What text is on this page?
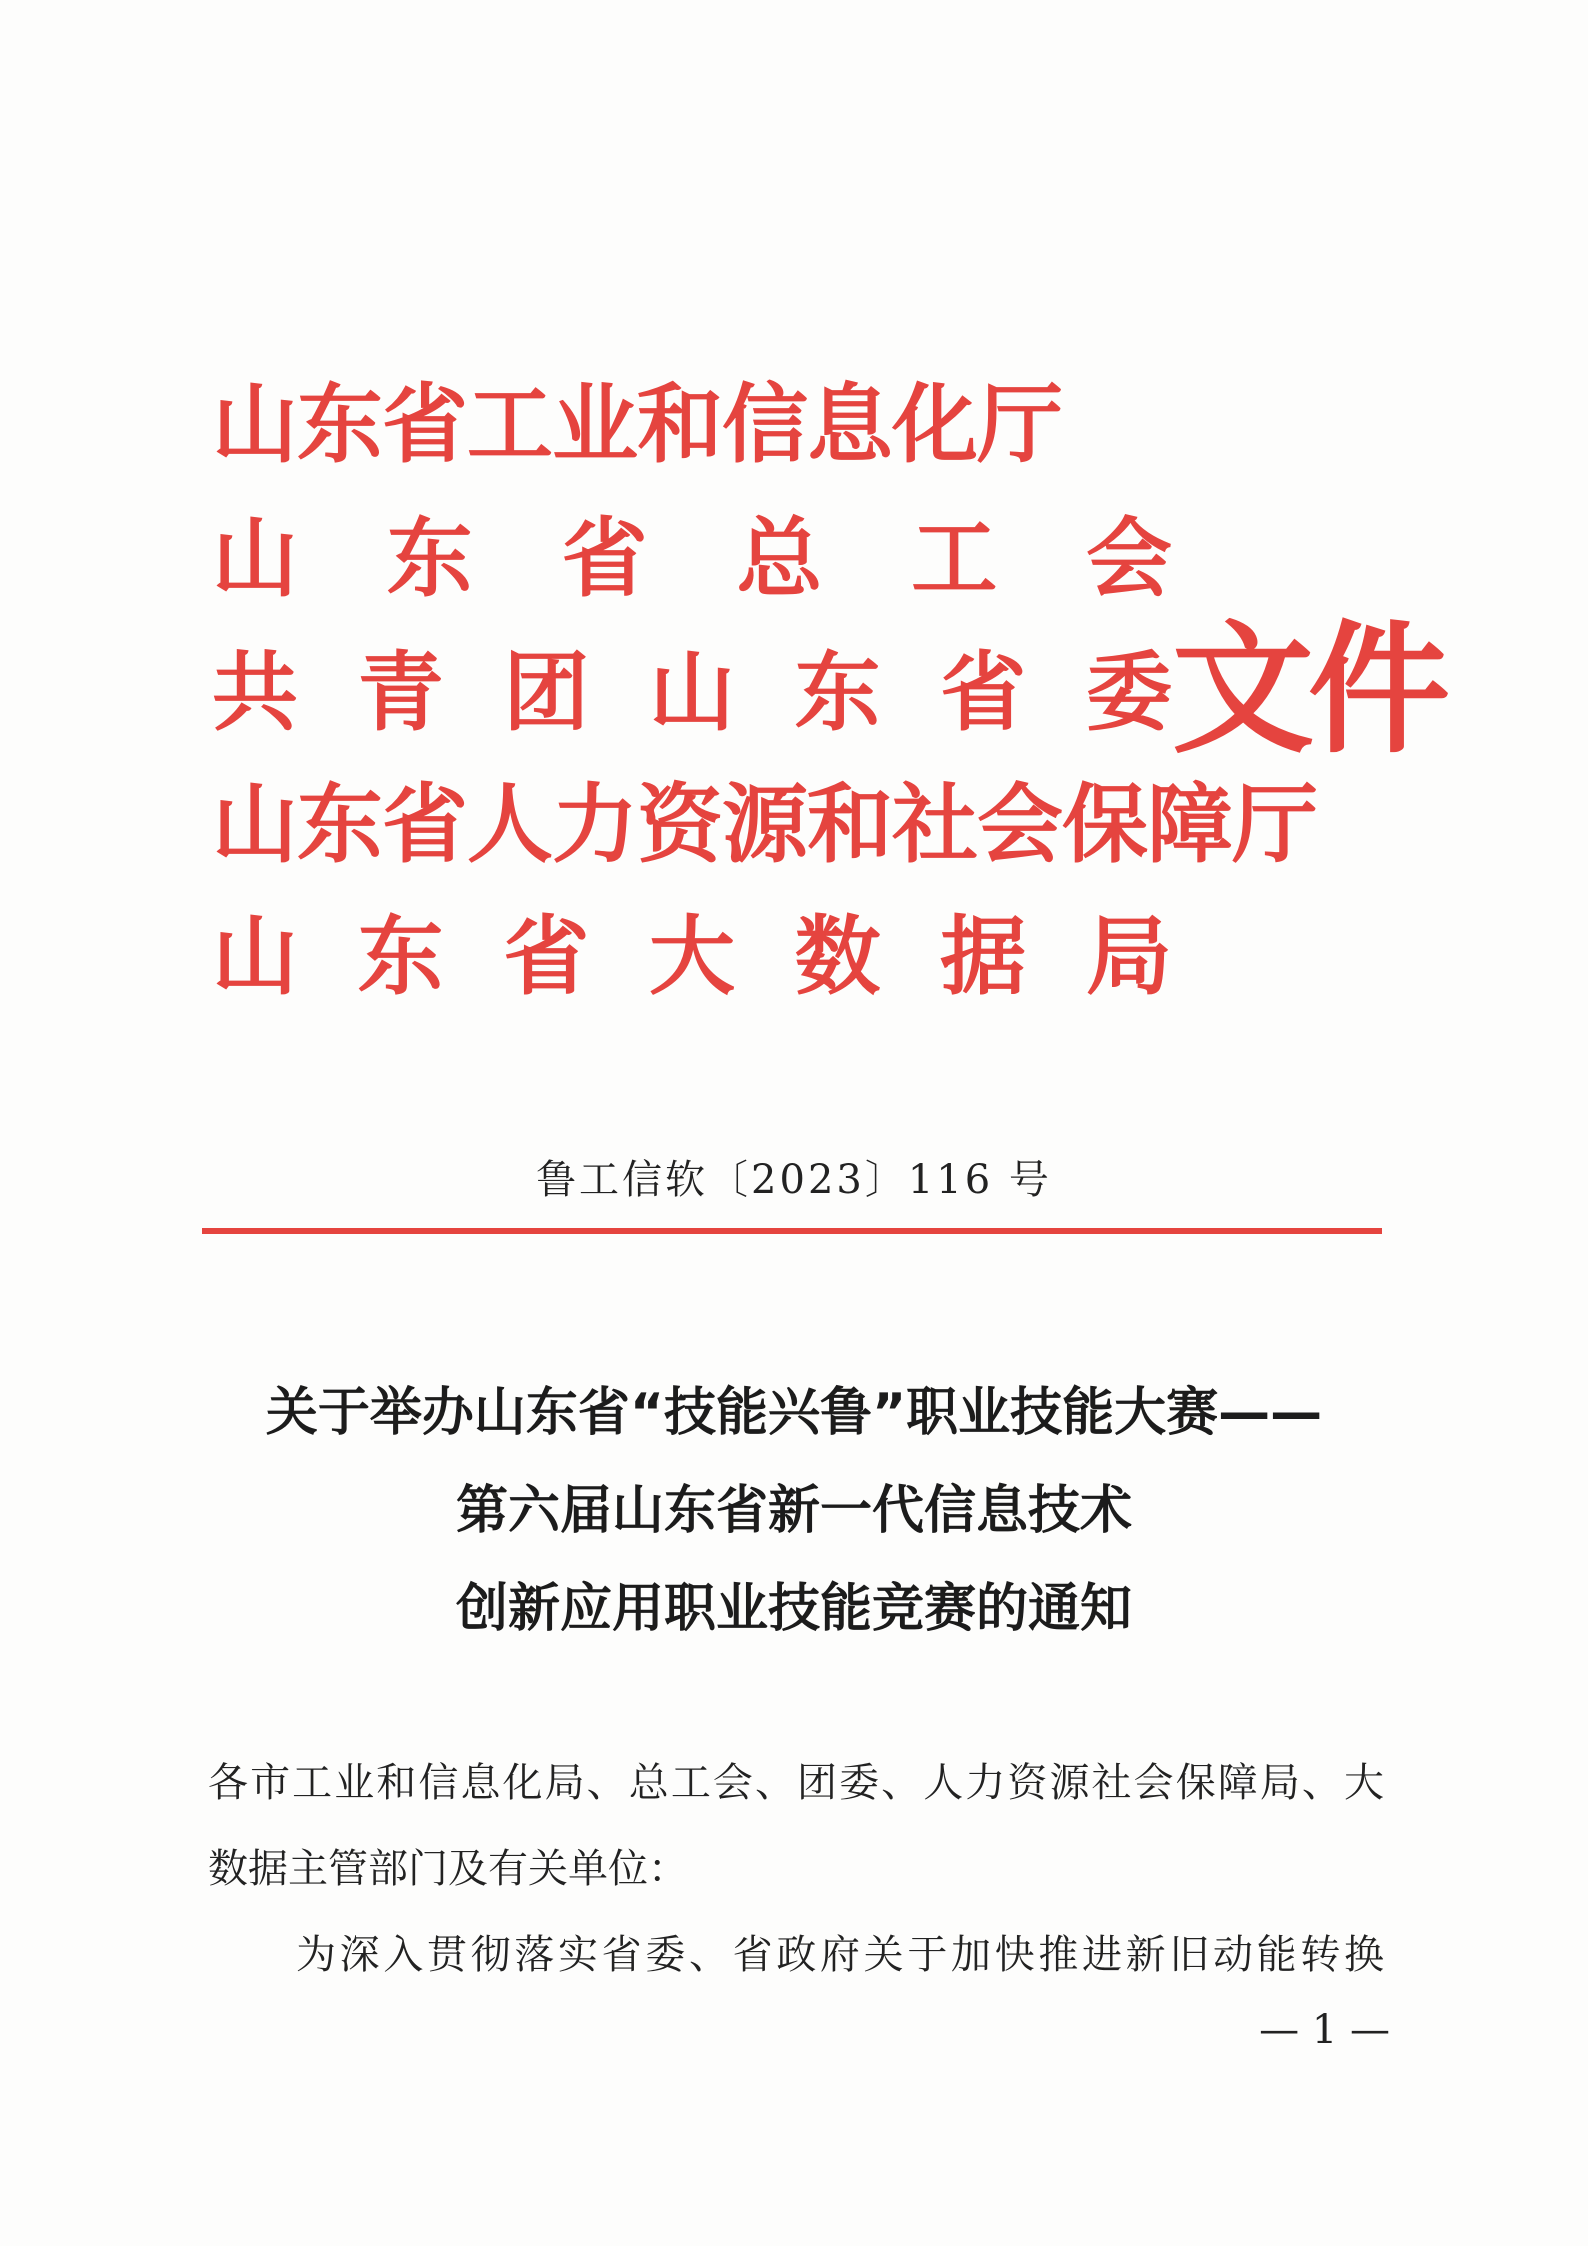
山东省工业和信息化厅
山 东 省 总 工 会
共 青 团 山 东 省 委
山东省人力资源和社会保障厅
山 东 省 大 数 据 局
文件
鲁工信软〔2023〕116 号
关于举办山东省“技能兴鲁”职业技能大赛——
第六届山东省新一代信息技术
创新应用职业技能竞赛的通知

各市工业和信息化局、总工会、团委、人力资源社会保障局、大

数据主管部门及有关单位：

为深入贯彻落实省委、省政府关于加快推进新旧动能转换

— 1 —
